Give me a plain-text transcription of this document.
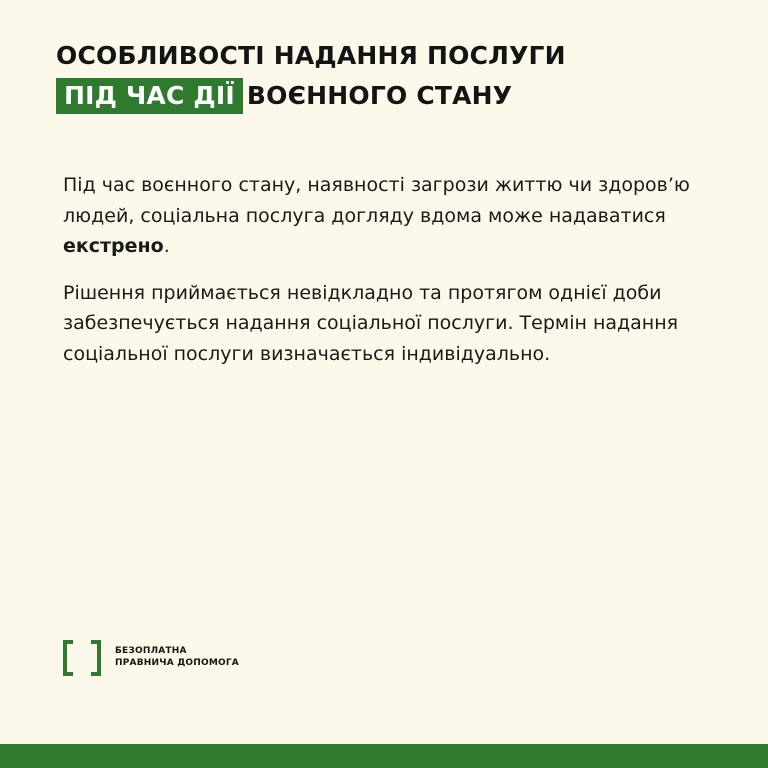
ОСОБЛИВОСТІ НАДАННЯ ПОСЛУГИ
ПІД ЧАС ДІЇ ВОЄННОГО СТАНУ

Під час воєнного стану, наявності загрози життю чи здоров’ю людей, соціальна послуга догляду вдома може надаватися екстрено.

Рішення приймається невідкладно та протягом однієї доби забезпечується надання соціальної послуги. Термін надання соціальної послуги визначається індивідуально.

БЕЗОПЛАТНА
ПРАВНИЧА ДОПОМОГА
